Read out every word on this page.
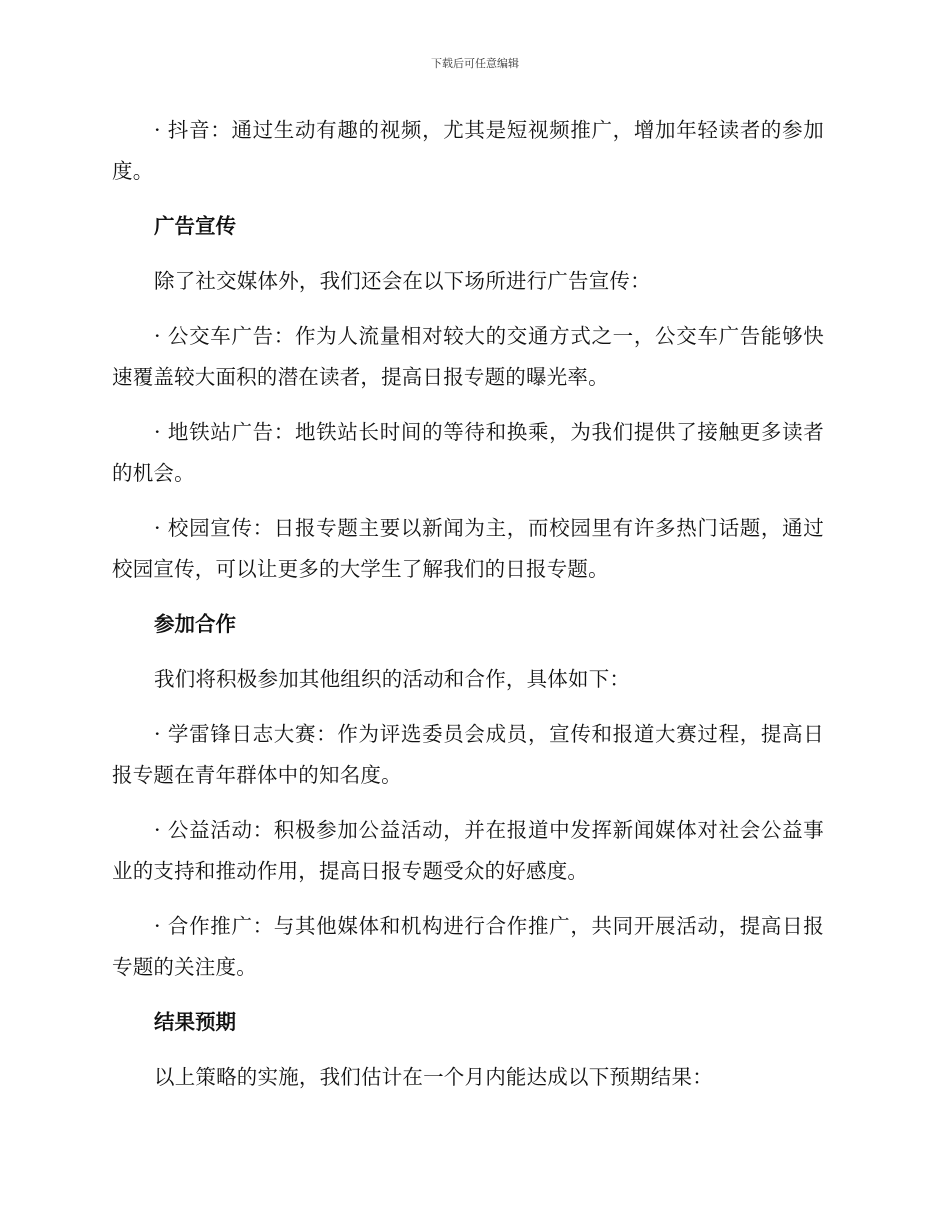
下载后可任意编辑

· 抖音：通过生动有趣的视频，尤其是短视频推广，增加年轻读者的参加度。

广告宣传

除了社交媒体外，我们还会在以下场所进行广告宣传：

· 公交车广告：作为人流量相对较大的交通方式之一，公交车广告能够快速覆盖较大面积的潜在读者，提高日报专题的曝光率。

· 地铁站广告：地铁站长时间的等待和换乘，为我们提供了接触更多读者的机会。

· 校园宣传：日报专题主要以新闻为主，而校园里有许多热门话题，通过校园宣传，可以让更多的大学生了解我们的日报专题。

参加合作

我们将积极参加其他组织的活动和合作，具体如下：

· 学雷锋日志大赛：作为评选委员会成员，宣传和报道大赛过程，提高日报专题在青年群体中的知名度。

· 公益活动：积极参加公益活动，并在报道中发挥新闻媒体对社会公益事业的支持和推动作用，提高日报专题受众的好感度。

· 合作推广：与其他媒体和机构进行合作推广，共同开展活动，提高日报专题的关注度。

结果预期

以上策略的实施，我们估计在一个月内能达成以下预期结果：
